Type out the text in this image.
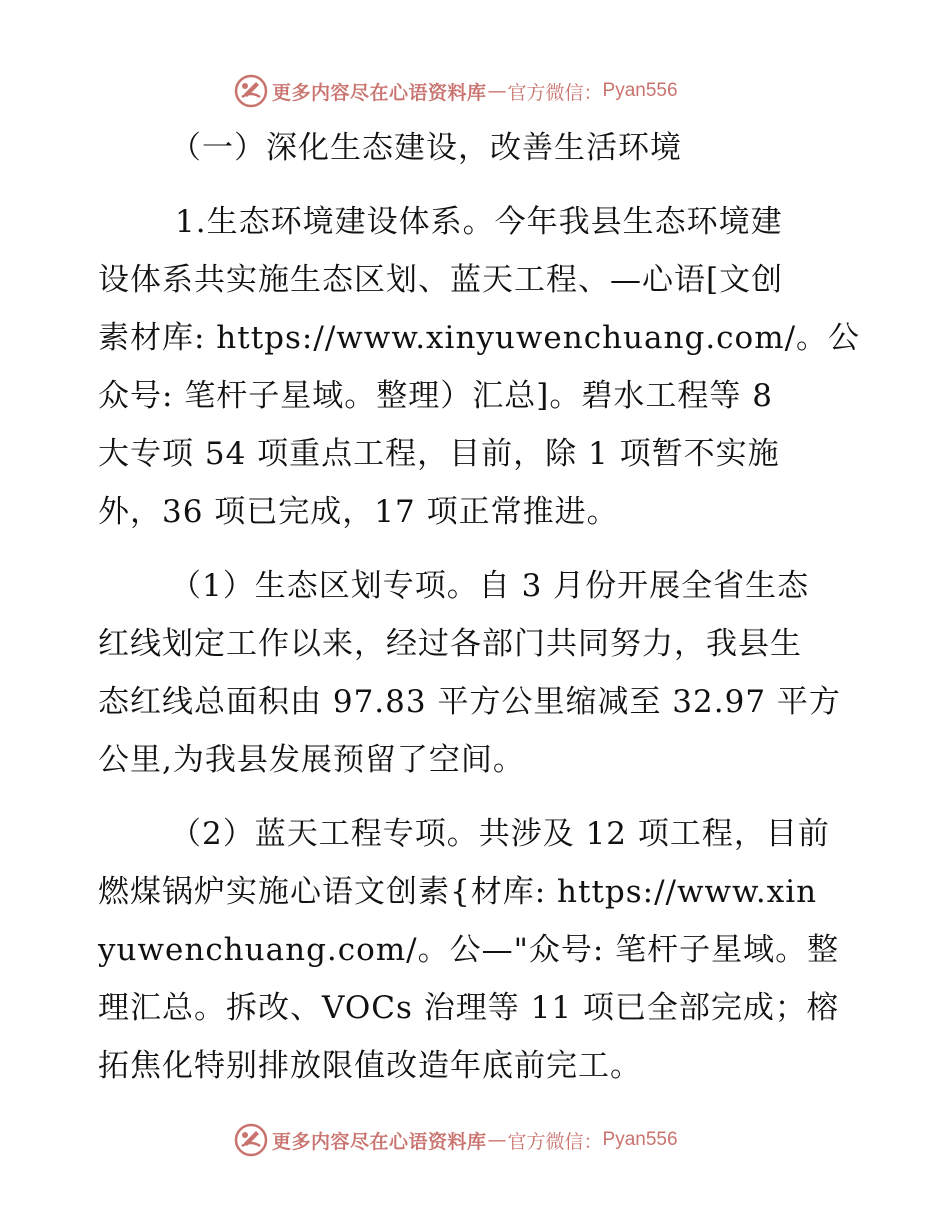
更多内容尽在心语资料库 — 官方微信： Pyan556
（一）深化生态建设，改善生活环境
1.生态环境建设体系。今年我县生态环境建
设体系共实施生态区划、蓝天工程、—心语[文创
素材库: https://www.xinyuwenchuang.com/。公
众号: 笔杆子星域。整理）汇总]。碧水工程等 8
大专项 54 项重点工程，目前，除 1 项暂不实施
外，36 项已完成，17 项正常推进。
（1）生态区划专项。自 3 月份开展全省生态
红线划定工作以来，经过各部门共同努力，我县生
态红线总面积由 97.83 平方公里缩减至 32.97 平方
公里,为我县发展预留了空间。
（2）蓝天工程专项。共涉及 12 项工程，目前
燃煤锅炉实施心语文创素{材库: https://www.xin
yuwenchuang.com/。公—"众号: 笔杆子星域。整
理汇总。拆改、VOCs 治理等 11 项已全部完成；榕
拓焦化特别排放限值改造年底前完工。
更多内容尽在心语资料库 — 官方微信： Pyan556
